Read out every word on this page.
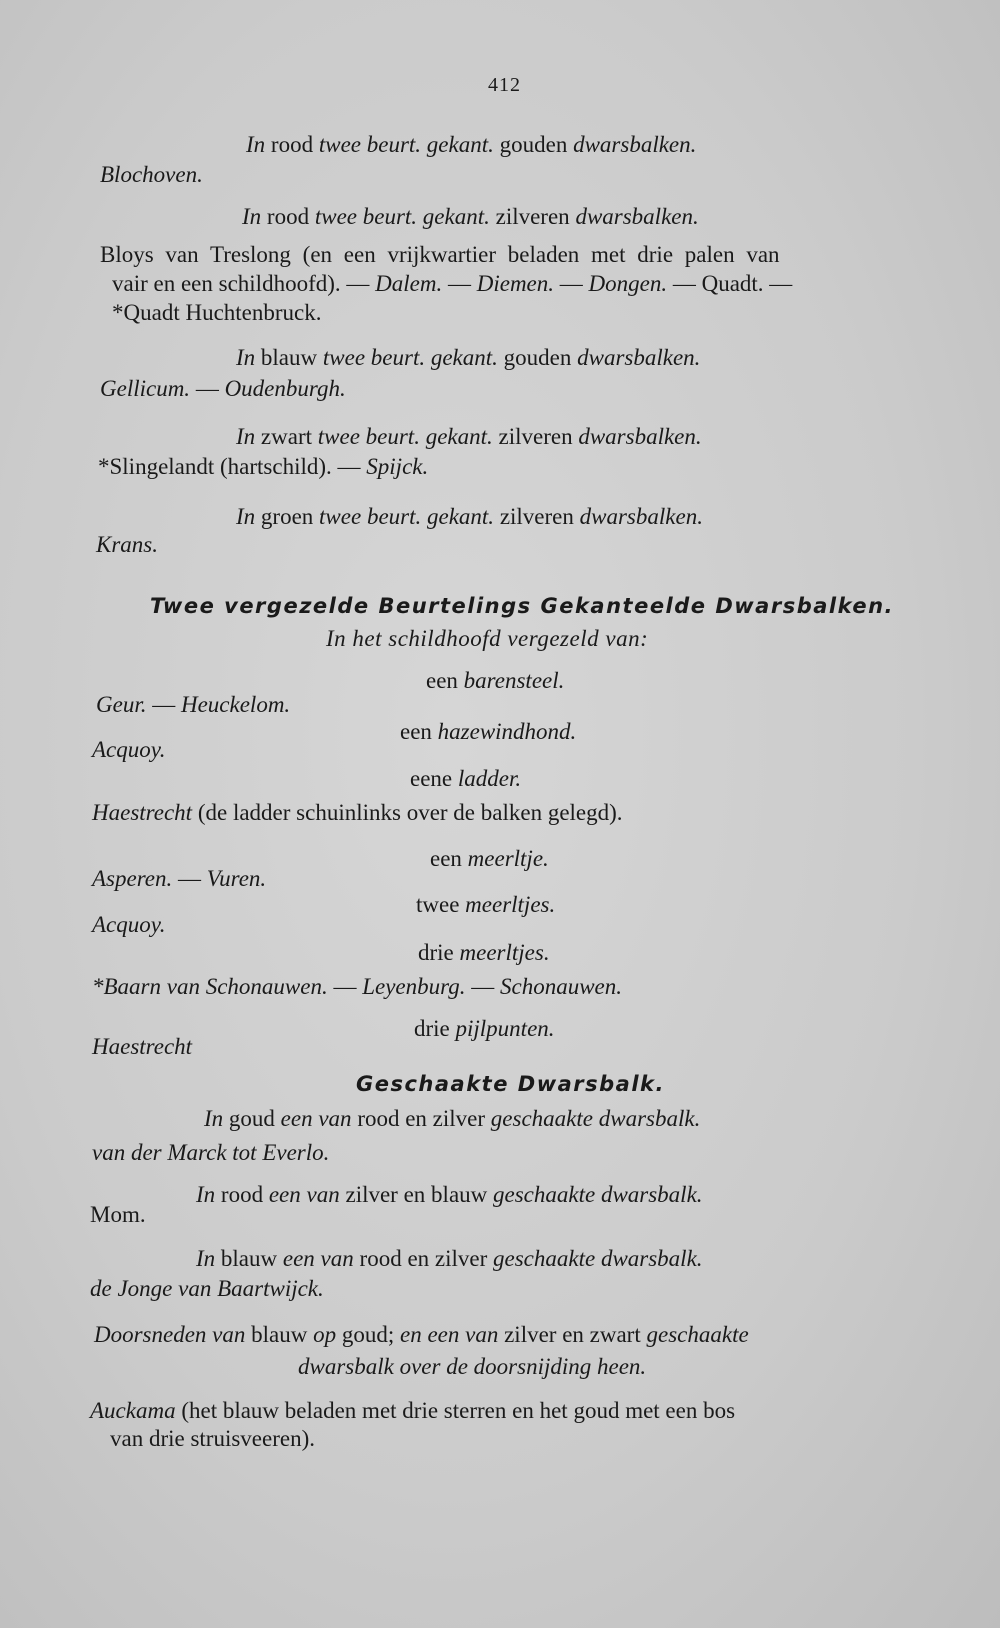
412
In rood twee beurt. gekant. gouden dwarsbalken.
Blochoven.
In rood twee beurt. gekant. zilveren dwarsbalken.
Bloys van Treslong (en een vrijkwartier beladen met drie palen van
vair en een schildhoofd). — Dalem. — Diemen. — Dongen. — Quadt. —
*Quadt Huchtenbruck.
In blauw twee beurt. gekant. gouden dwarsbalken.
Gellicum. — Oudenburgh.
In zwart twee beurt. gekant. zilveren dwarsbalken.
*Slingelandt (hartschild). — Spijck.
In groen twee beurt. gekant. zilveren dwarsbalken.
Krans.
Twee vergezelde Beurtelings Gekanteelde Dwarsbalken.
In het schildhoofd vergezeld van:
een barensteel.
Geur. — Heuckelom.
een hazewindhond.
Acquoy.
eene ladder.
Haestrecht (de ladder schuinlinks over de balken gelegd).
een meerltje.
Asperen. — Vuren.
twee meerltjes.
Acquoy.
drie meerltjes.
*Baarn van Schonauwen. — Leyenburg. — Schonauwen.
drie pijlpunten.
Haestrecht
Geschaakte Dwarsbalk.
In goud een van rood en zilver geschaakte dwarsbalk.
van der Marck tot Everlo.
In rood een van zilver en blauw geschaakte dwarsbalk.
Mom.
In blauw een van rood en zilver geschaakte dwarsbalk.
de Jonge van Baartwijck.
Doorsneden van blauw op goud; en een van zilver en zwart geschaakte
dwarsbalk over de doorsnijding heen.
Auckama (het blauw beladen met drie sterren en het goud met een bos
van drie struisveeren).
